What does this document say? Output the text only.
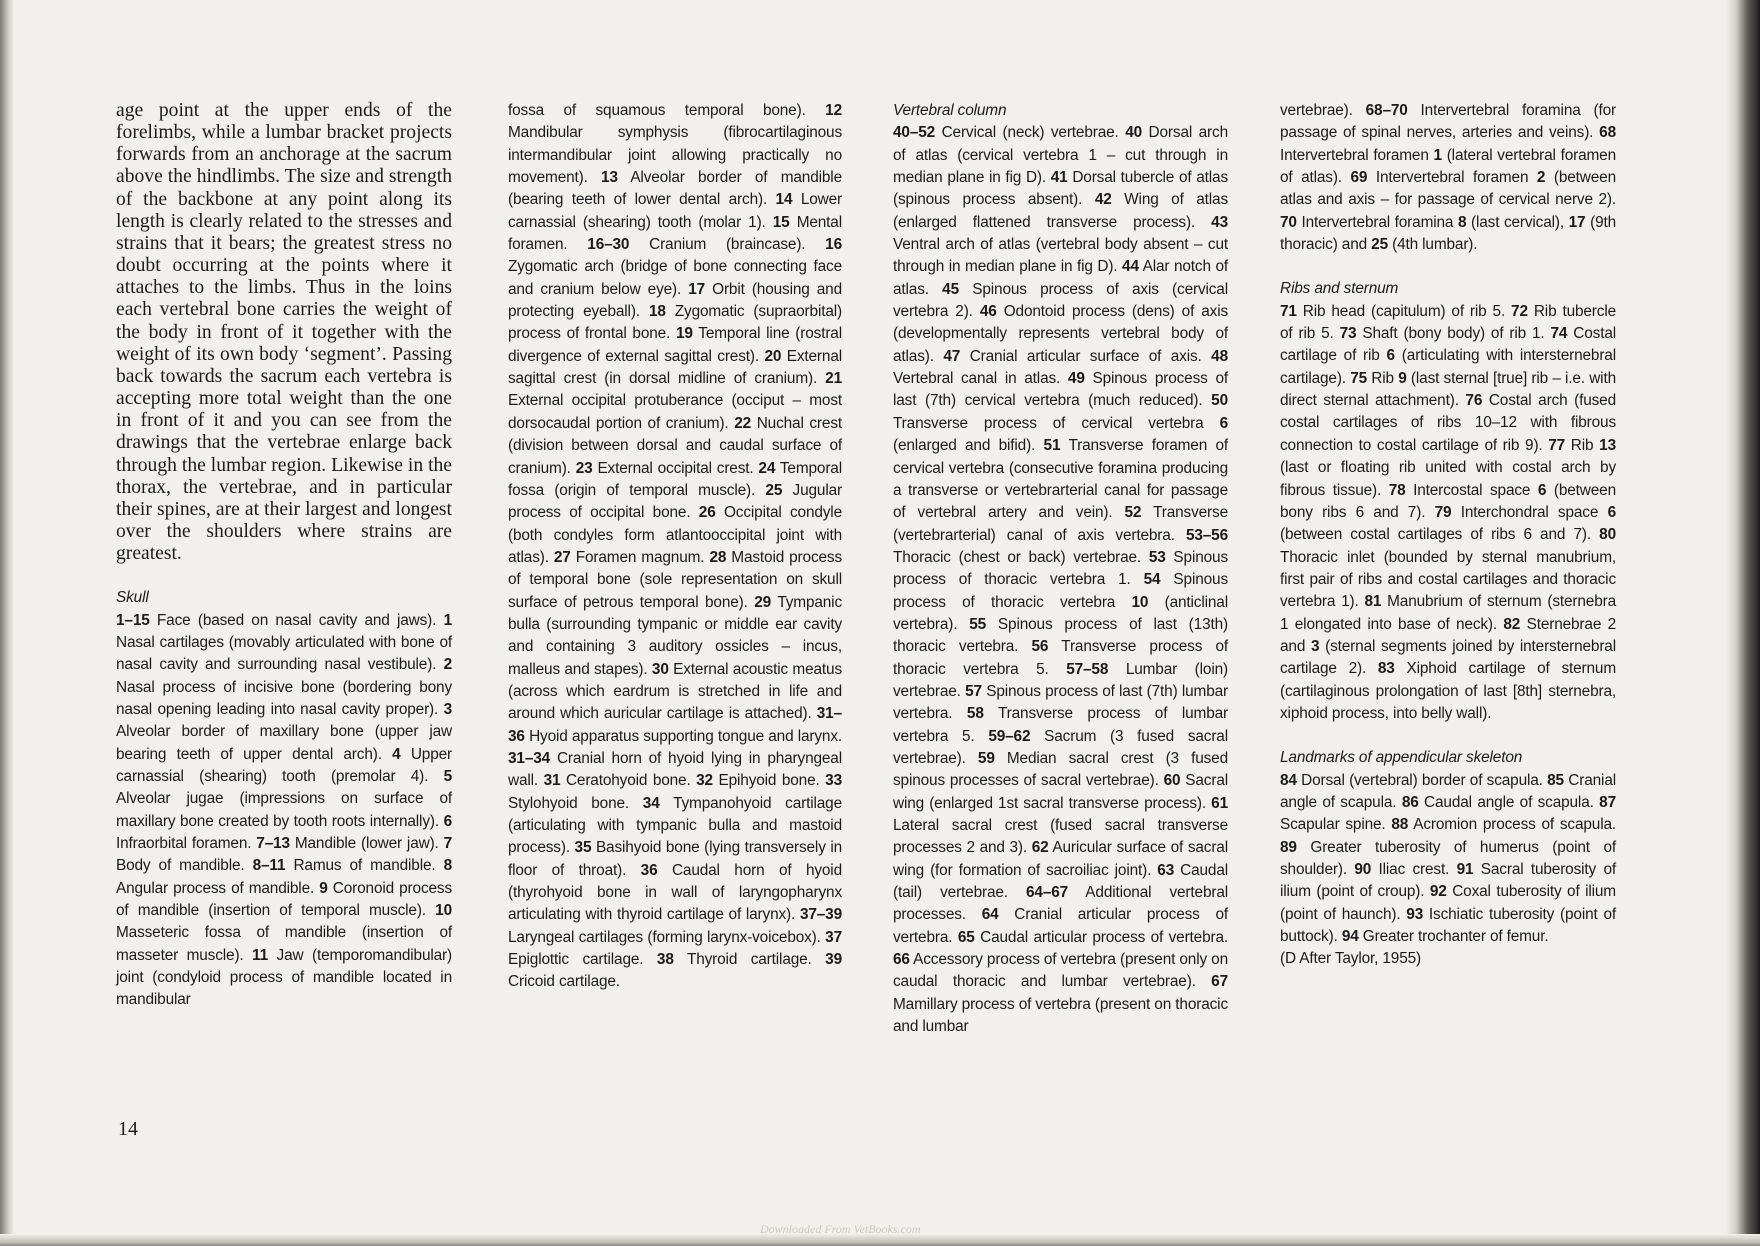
age point at the upper ends of the forelimbs, while a lumbar bracket projects forwards from an anchorage at the sacrum above the hindlimbs. The size and strength of the backbone at any point along its length is clearly related to the stresses and strains that it bears; the greatest stress no doubt occurring at the points where it attaches to the limbs. Thus in the loins each vertebral bone carries the weight of the body in front of it together with the weight of its own body ‘segment’. Passing back towards the sacrum each vertebra is accepting more total weight than the one in front of it and you can see from the drawings that the vertebrae enlarge back through the lumbar region. Likewise in the thorax, the vertebrae, and in particular their spines, are at their largest and longest over the shoulders where strains are greatest.

Skull

1–15 Face (based on nasal cavity and jaws). 1 Nasal cartilages (movably articulated with bone of nasal cavity and surrounding nasal vestibule). 2 Nasal process of incisive bone (bordering bony nasal opening leading into nasal cavity proper). 3 Alveolar border of maxillary bone (upper jaw bearing teeth of upper dental arch). 4 Upper carnassial (shearing) tooth (premolar 4). 5 Alveolar jugae (impressions on surface of maxillary bone created by tooth roots internally). 6 Infraorbital foramen. 7–13 Mandible (lower jaw). 7 Body of mandible. 8–11 Ramus of mandible. 8 Angular process of mandible. 9 Coronoid process of mandible (insertion of temporal muscle). 10 Masseteric fossa of mandible (insertion of masseter muscle). 11 Jaw (temporomandibular) joint (condyloid process of mandible located in mandibular

fossa of squamous temporal bone). 12 Mandibular symphysis (fibrocartilaginous intermandibular joint allowing practically no movement). 13 Alveolar border of mandible (bearing teeth of lower dental arch). 14 Lower carnassial (shearing) tooth (molar 1). 15 Mental foramen. 16–30 Cranium (braincase). 16 Zygomatic arch (bridge of bone connecting face and cranium below eye). 17 Orbit (housing and protecting eyeball). 18 Zygomatic (supraorbital) process of frontal bone. 19 Temporal line (rostral divergence of external sagittal crest). 20 External sagittal crest (in dorsal midline of cranium). 21 External occipital protuberance (occiput – most dorsocaudal portion of cranium). 22 Nuchal crest (division between dorsal and caudal surface of cranium). 23 External occipital crest. 24 Temporal fossa (origin of temporal muscle). 25 Jugular process of occipital bone. 26 Occipital condyle (both condyles form atlantooccipital joint with atlas). 27 Foramen magnum. 28 Mastoid process of temporal bone (sole representation on skull surface of petrous temporal bone). 29 Tympanic bulla (surrounding tympanic or middle ear cavity and containing 3 auditory ossicles – incus, malleus and stapes). 30 External acoustic meatus (across which eardrum is stretched in life and around which auricular cartilage is attached). 31–36 Hyoid apparatus supporting tongue and larynx. 31–34 Cranial horn of hyoid lying in pharyngeal wall. 31 Ceratohyoid bone. 32 Epihyoid bone. 33 Stylohyoid bone. 34 Tympanohyoid cartilage (articulating with tympanic bulla and mastoid process). 35 Basihyoid bone (lying transversely in floor of throat). 36 Caudal horn of hyoid (thyrohyoid bone in wall of laryngopharynx articulating with thyroid cartilage of larynx). 37–39 Laryngeal cartilages (forming larynx-voicebox). 37 Epiglottic cartilage. 38 Thyroid cartilage. 39 Cricoid cartilage.

Vertebral column

40–52 Cervical (neck) vertebrae. 40 Dorsal arch of atlas (cervical vertebra 1 – cut through in median plane in fig D). 41 Dorsal tubercle of atlas (spinous process absent). 42 Wing of atlas (enlarged flattened transverse process). 43 Ventral arch of atlas (vertebral body absent – cut through in median plane in fig D). 44 Alar notch of atlas. 45 Spinous process of axis (cervical vertebra 2). 46 Odontoid process (dens) of axis (developmentally represents vertebral body of atlas). 47 Cranial articular surface of axis. 48 Vertebral canal in atlas. 49 Spinous process of last (7th) cervical vertebra (much reduced). 50 Transverse process of cervical vertebra 6 (enlarged and bifid). 51 Transverse foramen of cervical vertebra (consecutive foramina producing a transverse or vertebrarterial canal for passage of vertebral artery and vein). 52 Transverse (vertebrarterial) canal of axis vertebra. 53–56 Thoracic (chest or back) vertebrae. 53 Spinous process of thoracic vertebra 1. 54 Spinous process of thoracic vertebra 10 (anticlinal vertebra). 55 Spinous process of last (13th) thoracic vertebra. 56 Transverse process of thoracic vertebra 5. 57–58 Lumbar (loin) vertebrae. 57 Spinous process of last (7th) lumbar vertebra. 58 Transverse process of lumbar vertebra 5. 59–62 Sacrum (3 fused sacral vertebrae). 59 Median sacral crest (3 fused spinous processes of sacral vertebrae). 60 Sacral wing (enlarged 1st sacral transverse process). 61 Lateral sacral crest (fused sacral transverse processes 2 and 3). 62 Auricular surface of sacral wing (for formation of sacroiliac joint). 63 Caudal (tail) vertebrae. 64–67 Additional vertebral processes. 64 Cranial articular process of vertebra. 65 Caudal articular process of vertebra. 66 Accessory process of vertebra (present only on caudal thoracic and lumbar vertebrae). 67 Mamillary process of vertebra (present on thoracic and lumbar

vertebrae). 68–70 Intervertebral foramina (for passage of spinal nerves, arteries and veins). 68 Intervertebral foramen 1 (lateral vertebral foramen of atlas). 69 Intervertebral foramen 2 (between atlas and axis – for passage of cervical nerve 2). 70 Intervertebral foramina 8 (last cervical), 17 (9th thoracic) and 25 (4th lumbar).

Ribs and sternum

71 Rib head (capitulum) of rib 5. 72 Rib tubercle of rib 5. 73 Shaft (bony body) of rib 1. 74 Costal cartilage of rib 6 (articulating with intersternebral cartilage). 75 Rib 9 (last sternal [true] rib – i.e. with direct sternal attachment). 76 Costal arch (fused costal cartilages of ribs 10–12 with fibrous connection to costal cartilage of rib 9). 77 Rib 13 (last or floating rib united with costal arch by fibrous tissue). 78 Intercostal space 6 (between bony ribs 6 and 7). 79 Interchondral space 6 (between costal cartilages of ribs 6 and 7). 80 Thoracic inlet (bounded by sternal manubrium, first pair of ribs and costal cartilages and thoracic vertebra 1). 81 Manubrium of sternum (sternebra 1 elongated into base of neck). 82 Sternebrae 2 and 3 (sternal segments joined by intersternebral cartilage 2). 83 Xiphoid cartilage of sternum (cartilaginous prolongation of last [8th] sternebra, xiphoid process, into belly wall).

Landmarks of appendicular skeleton

84 Dorsal (vertebral) border of scapula. 85 Cranial angle of scapula. 86 Caudal angle of scapula. 87 Scapular spine. 88 Acromion process of scapula. 89 Greater tuberosity of humerus (point of shoulder). 90 Iliac crest. 91 Sacral tuberosity of ilium (point of croup). 92 Coxal tuberosity of ilium (point of haunch). 93 Ischiatic tuberosity (point of buttock). 94 Greater trochanter of femur.

(D After Taylor, 1955)

14
Downloaded From VetBooks.com
